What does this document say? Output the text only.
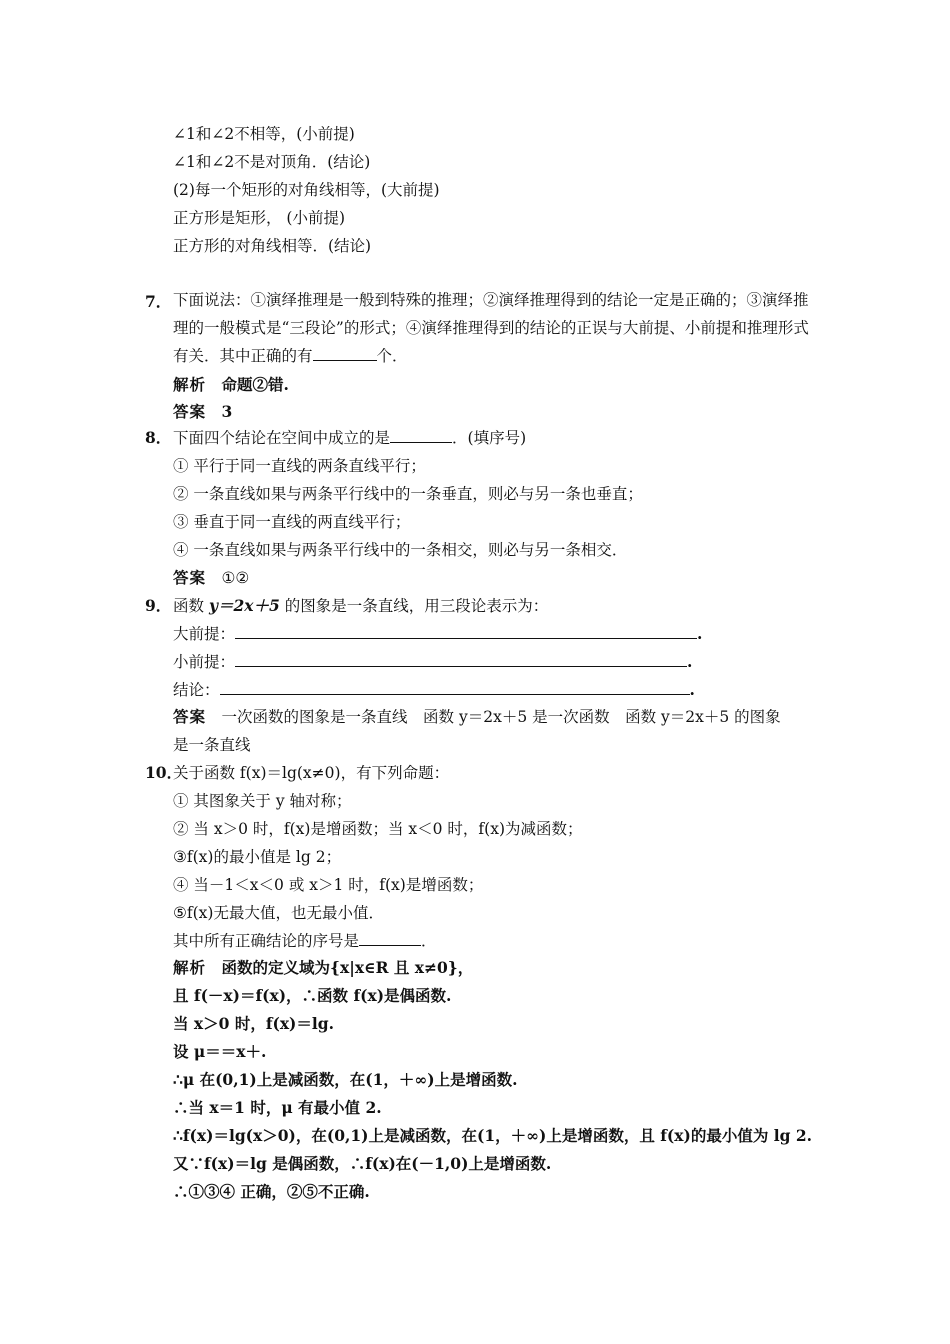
∠1和∠2不相等，(小前提)
∠1和∠2不是对顶角．(结论)
(2)每一个矩形的对角线相等，(大前提)
正方形是矩形， (小前提)
正方形的对角线相等．(结论)
7． 下面说法：①演绎推理是一般到特殊的推理；②演绎推理得到的结论一定是正确的；③演绎推理的一般模式是“三段论”的形式；④演绎推理得到的结论的正误与大前提、小前提和推理形式有关．其中正确的有	个．
解析　 命题②错.
答案　 3
8． 下面四个结论在空间中成立的是	．(填序号)
① 平行于同一直线的两条直线平行；
② 一条直线如果与两条平行线中的一条垂直，则必与另一条也垂直；
③ 垂直于同一直线的两直线平行；
④ 一条直线如果与两条平行线中的一条相交，则必与另一条相交．
答案　 ①②
9． 函数 y＝2x＋5 的图象是一条直线，用三段论表示为：
大前提：	.
小前提：	.
结论：	.
答案　 一次函数的图象是一条直线　函数 y＝2x＋5 是一次函数　函数 y＝2x＋5 的图象
是一条直线
10．
关于函数 f(x)＝lg(x≠0)，有下列命题：
① 其图象关于 y 轴对称；
② 当 x＞0 时，f(x)是增函数；当 x＜0 时，f(x)为减函数；
③f(x)的最小值是 lg 2；
④ 当－1＜x＜0 或 x＞1 时，f(x)是增函数；
⑤f(x)无最大值，也无最小值．
其中所有正确结论的序号是	．
解析　 函数的定义域为{x|x∈R 且 x≠0}，
且 f(－x)＝f(x)，∴函数 f(x)是偶函数.
当 x＞0 时，f(x)＝lg.
设 μ＝＝x＋.
∴μ 在(0,1)上是减函数，在(1，＋∞)上是增函数.
∴当 x＝1 时，μ 有最小值 2.
∴f(x)＝lg(x＞0)，在(0,1)上是减函数，在(1，＋∞)上是增函数，且 f(x)的最小值为 lg 2.
又∵f(x)＝lg 是偶函数，∴f(x)在(－1,0)上是增函数.
∴①③④ 正确，②⑤不正确.
